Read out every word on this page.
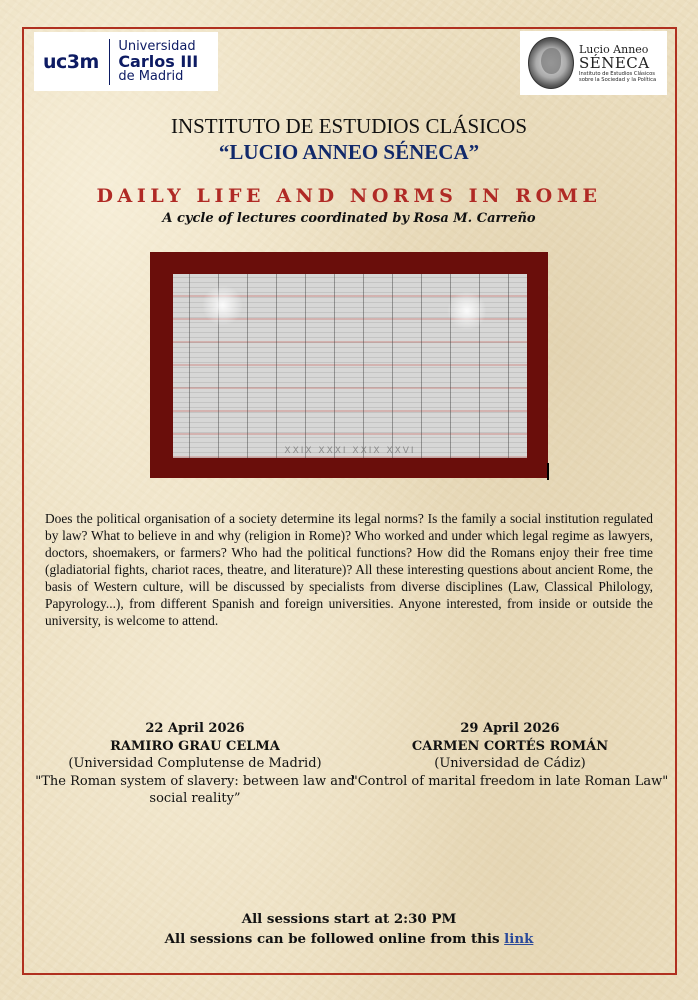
uc3m
Universidad
Carlos III
de Madrid
Lucio Anneo
SÉNECA
Instituto de Estudios Clásicos
sobre la Sociedad y la Política
INSTITUTO DE ESTUDIOS CLÁSICOS
“LUCIO ANNEO SÉNECA”
DAILY LIFE AND NORMS IN ROME
A cycle of lectures coordinated by Rosa M. Carreño
XXIX XXXI XXIX XXVI
Does the political organisation of a society determine its legal norms? Is the family a social institution regulated by law? What to believe in and why (religion in Rome)? Who worked and under which legal regime as lawyers, doctors, shoemakers, or farmers? Who had the political functions? How did the Romans enjoy their free time (gladiatorial fights, chariot races, theatre, and literature)? All these interesting questions about ancient Rome, the basis of Western culture, will be discussed by specialists from diverse disciplines (Law, Classical Philology, Papyrology...), from different Spanish and foreign universities. Anyone interested, from inside or outside the university, is welcome to attend.
22 April 2026
RAMIRO GRAU CELMA
(Universidad Complutense de Madrid)
"The Roman system of slavery: between law and social reality”
29 April 2026
CARMEN CORTÉS ROMÁN
(Universidad de Cádiz)
"Control of marital freedom in late Roman Law"
All sessions start at 2:30 PM
All sessions can be followed online from this link
